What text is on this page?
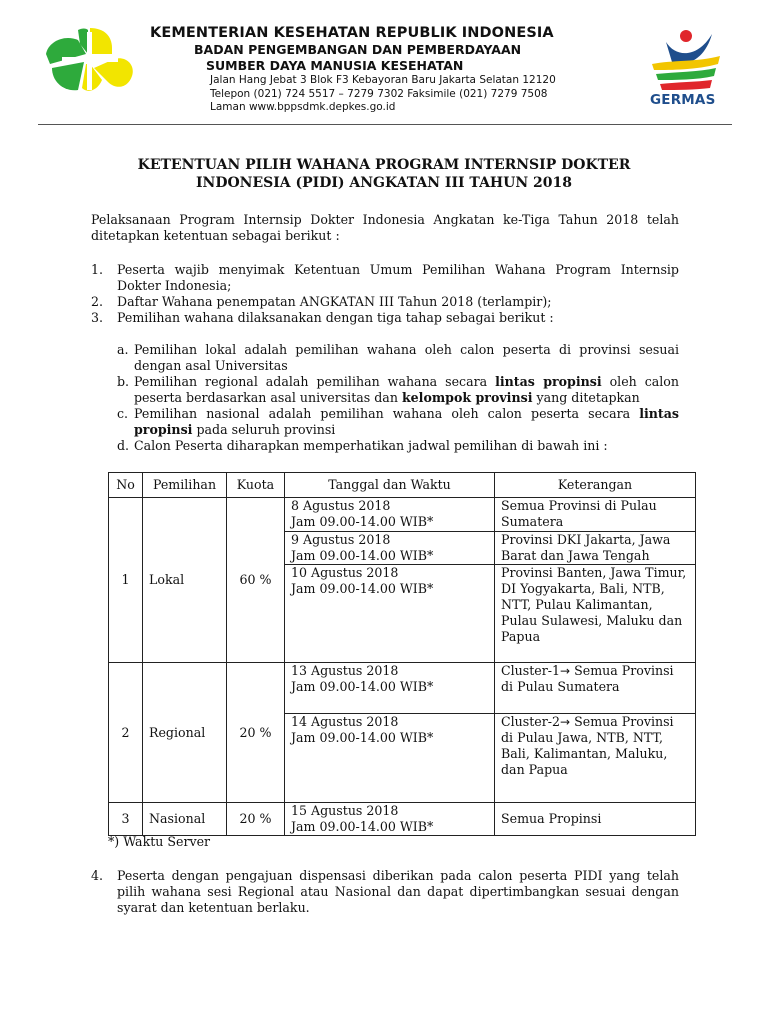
KEMENTERIAN KESEHATAN REPUBLIK INDONESIA
BADAN PENGEMBANGAN DAN PEMBERDAYAAN
SUMBER DAYA MANUSIA KESEHATAN
Jalan Hang Jebat 3 Blok F3 Kebayoran Baru Jakarta Selatan 12120
Telepon (021) 724 5517 – 7279 7302 Faksimile (021) 7279 7508
Laman www.bppsdmk.depkes.go.id	GERMAS
KETENTUAN PILIH WAHANA PROGRAM INTERNSIP DOKTER
INDONESIA (PIDI) ANGKATAN III TAHUN 2018
Pelaksanaan Program Internsip Dokter Indonesia Angkatan ke-Tiga Tahun 2018 telah ditetapkan ketentuan sebagai berikut :
1. Peserta wajib menyimak Ketentuan Umum Pemilihan Wahana Program Internsip Dokter Indonesia;
2. Daftar Wahana penempatan ANGKATAN III Tahun 2018 (terlampir);
3. Pemilihan wahana dilaksanakan dengan tiga tahap sebagai berikut :
a. Pemilihan lokal adalah pemilihan wahana oleh calon peserta di provinsi sesuai dengan asal Universitas
b. Pemilihan regional adalah pemilihan wahana secara lintas propinsi oleh calon peserta berdasarkan asal universitas dan kelompok provinsi yang ditetapkan
c. Pemilihan nasional adalah pemilihan wahana oleh calon peserta secara lintas propinsi pada seluruh provinsi
d. Calon Peserta diharapkan memperhatikan jadwal pemilihan di bawah ini :
No	Pemilihan	Kuota	Tanggal dan Waktu	Keterangan
1	Lokal	60 %	8 Agustus 2018
Jam 09.00-14.00 WIB*	Semua Provinsi di Pulau Sumatera

			9 Agustus 2018
Jam 09.00-14.00 WIB*	Provinsi DKI Jakarta, Jawa Barat dan Jawa Tengah

			10 Agustus 2018
Jam 09.00-14.00 WIB*	Provinsi Banten, Jawa Timur, DI Yogyakarta, Bali, NTB, NTT, Pulau Kalimantan, Pulau Sulawesi, Maluku dan Papua
2	Regional	20 %	13 Agustus 2018
Jam 09.00-14.00 WIB*	Cluster-1→ Semua Provinsi di Pulau Sumatera

			14 Agustus 2018
Jam 09.00-14.00 WIB*	Cluster-2→ Semua Provinsi di Pulau Jawa, NTB, NTT, Bali, Kalimantan, Maluku, dan Papua
3	Nasional	20 %	15 Agustus 2018
Jam 09.00-14.00 WIB*	Semua Propinsi
*) Waktu Server
4. Peserta dengan pengajuan dispensasi diberikan pada calon peserta PIDI yang telah pilih wahana sesi Regional atau Nasional dan dapat dipertimbangkan sesuai dengan syarat dan ketentuan berlaku.
